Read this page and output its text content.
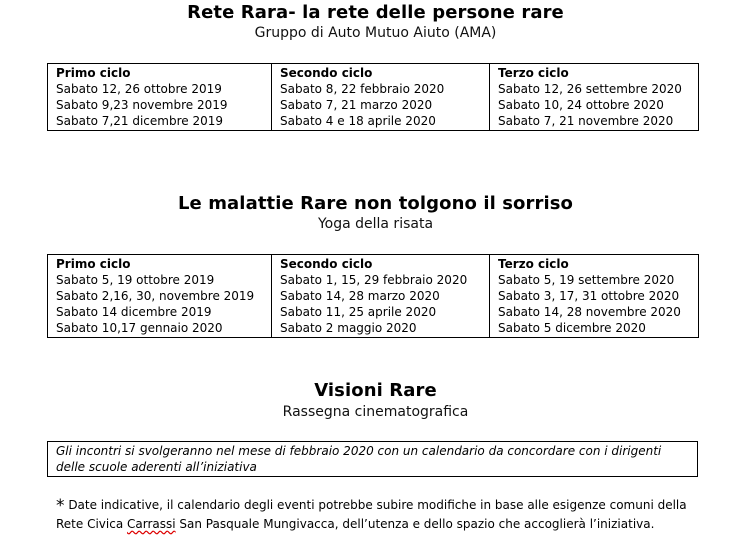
Rete Rara- la rete delle persone rare
Gruppo di Auto Mutuo Aiuto (AMA)
Primo ciclo
Sabato 12, 26 ottobre 2019
Sabato 9,23 novembre 2019
Sabato 7,21 dicembre 2019

Secondo ciclo
Sabato 8, 22 febbraio 2020
Sabato 7, 21 marzo 2020
Sabato 4 e 18 aprile 2020

Terzo ciclo
Sabato 12, 26 settembre 2020
Sabato 10, 24 ottobre 2020
Sabato 7, 21 novembre 2020
Le malattie Rare non tolgono il sorriso
Yoga della risata
Primo ciclo
Sabato 5, 19 ottobre 2019
Sabato 2,16, 30, novembre 2019
Sabato 14 dicembre 2019
Sabato 10,17 gennaio 2020

Secondo ciclo
Sabato 1, 15, 29 febbraio 2020
Sabato 14, 28 marzo 2020
Sabato 11, 25 aprile 2020
Sabato 2 maggio 2020

Terzo ciclo
Sabato 5, 19 settembre 2020
Sabato 3, 17, 31 ottobre 2020
Sabato 14, 28 novembre 2020
Sabato 5 dicembre 2020
Visioni Rare
Rassegna cinematografica
Gli incontri si svolgeranno nel mese di febbraio 2020 con un calendario da concordare con i dirigenti delle scuole aderenti all’iniziativa
* Date indicative, il calendario degli eventi potrebbe subire modifiche in base alle esigenze comuni della Rete Civica Carrassi San Pasquale Mungivacca, dell’utenza e dello spazio che accoglierà l’iniziativa.
